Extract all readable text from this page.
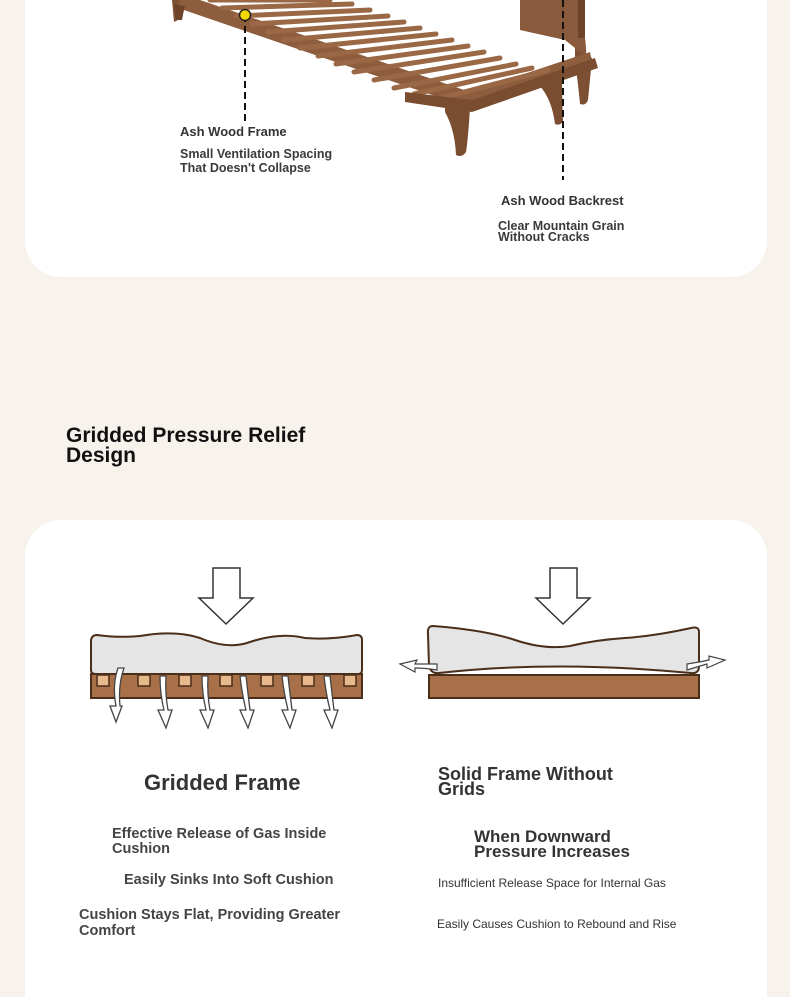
Ash Wood Frame
Small Ventilation Spacing
That Doesn't Collapse
Ash Wood Backrest
Clear Mountain Grain
Without Cracks
Gridded Pressure Relief
Design
Gridded Frame
Effective Release of Gas Inside
Cushion
Easily Sinks Into Soft Cushion
Cushion Stays Flat, Providing Greater
Comfort
Solid Frame Without
Grids
When Downward
Pressure Increases
Insufficient Release Space for Internal Gas
Easily Causes Cushion to Rebound and Rise
